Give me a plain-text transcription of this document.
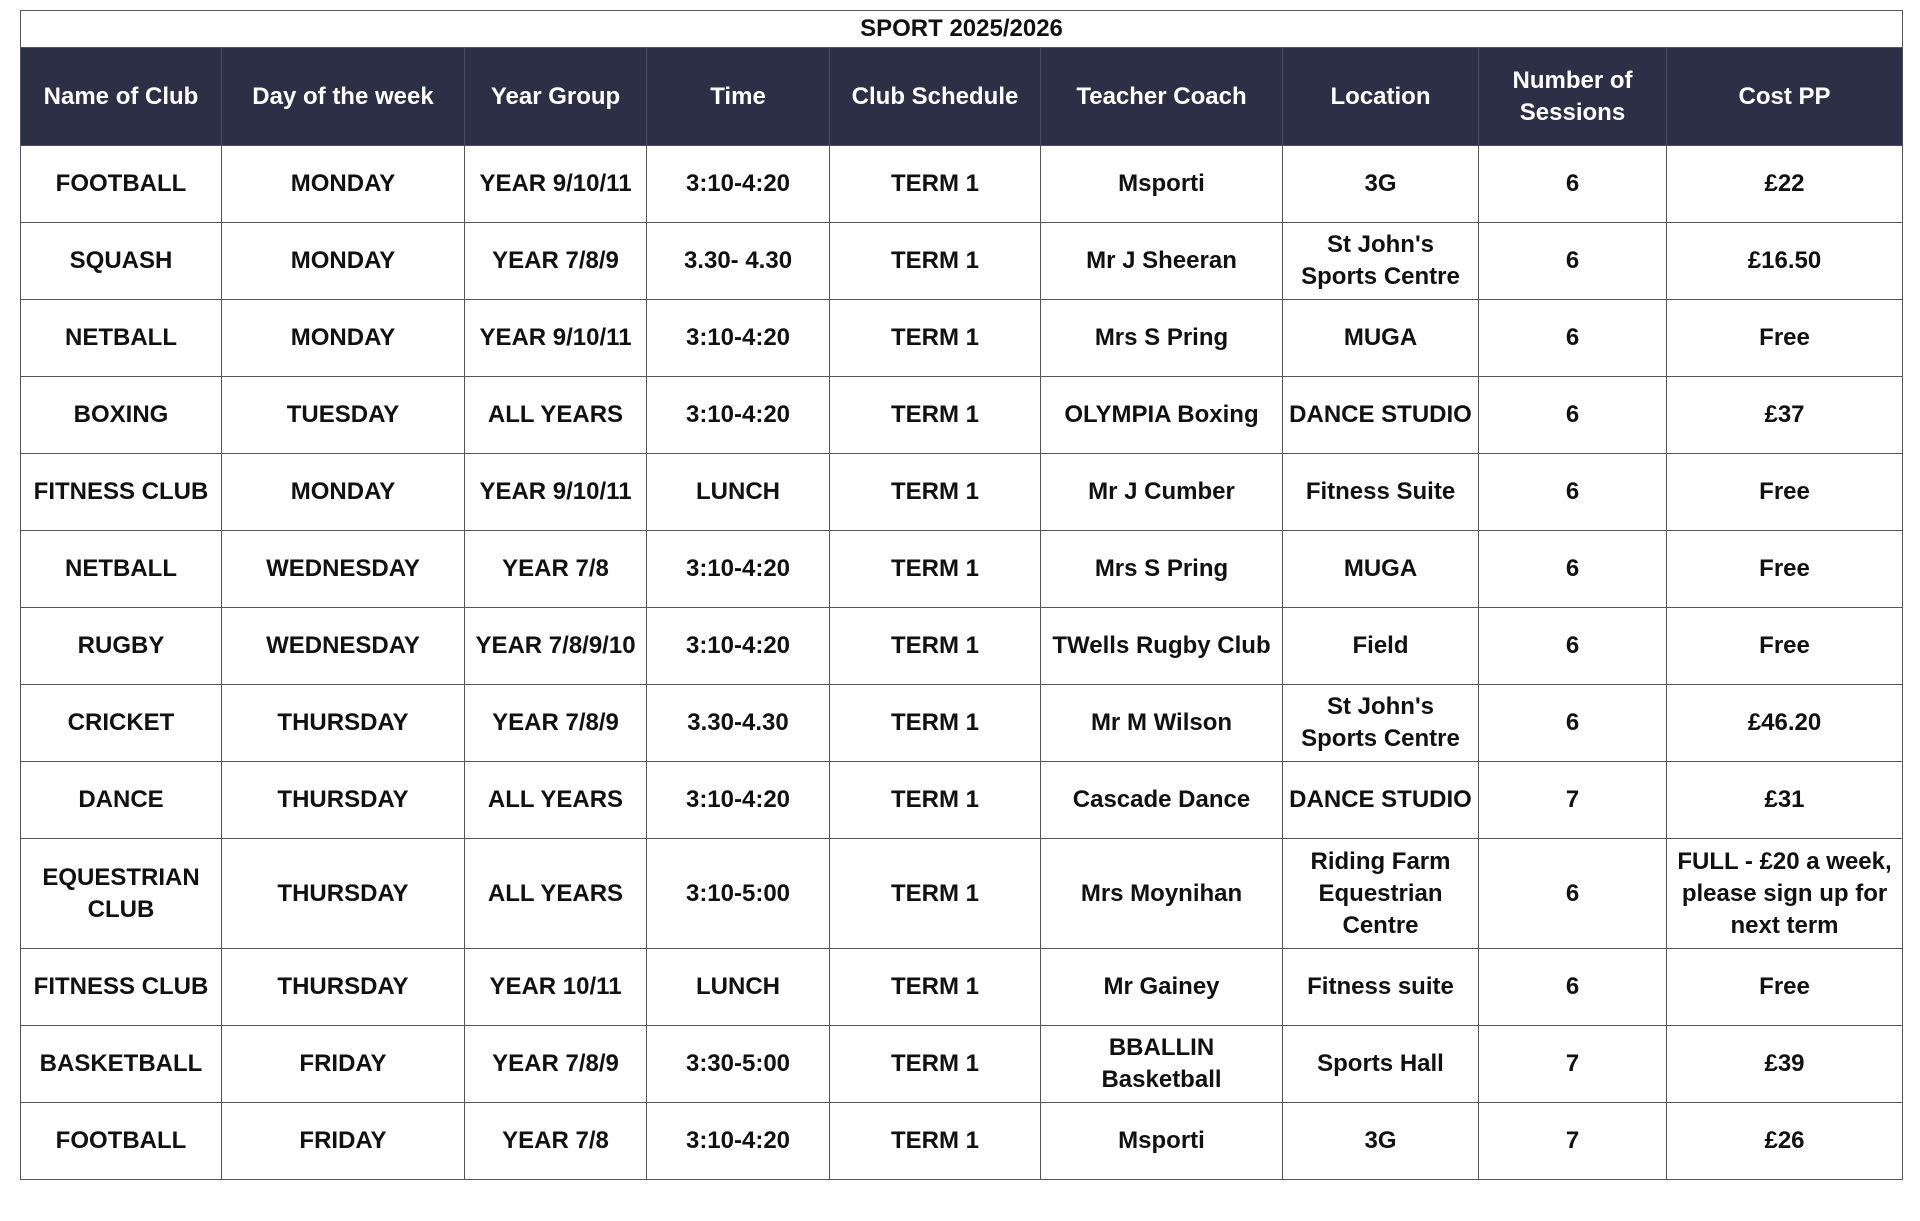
SPORT 2025/2026								
Name of Club	Day of the week	Year Group	Time	Club Schedule	Teacher Coach	Location	Number of Sessions	Cost PP
FOOTBALL	MONDAY	YEAR 9/10/11	3:10-4:20	TERM 1	Msporti	3G	6	£22
SQUASH	MONDAY	YEAR 7/8/9	3.30- 4.30	TERM 1	Mr J Sheeran	St John's Sports Centre	6	£16.50
NETBALL	MONDAY	YEAR 9/10/11	3:10-4:20	TERM 1	Mrs S Pring	MUGA	6	Free
BOXING	TUESDAY	ALL YEARS	3:10-4:20	TERM 1	OLYMPIA Boxing	DANCE STUDIO	6	£37
FITNESS CLUB	MONDAY	YEAR 9/10/11	LUNCH	TERM 1	Mr J Cumber	Fitness Suite	6	Free
NETBALL	WEDNESDAY	YEAR 7/8	3:10-4:20	TERM 1	Mrs S Pring	MUGA	6	Free
RUGBY	WEDNESDAY	YEAR 7/8/9/10	3:10-4:20	TERM 1	TWells Rugby Club	Field	6	Free
CRICKET	THURSDAY	YEAR 7/8/9	3.30-4.30	TERM 1	Mr M Wilson	St John's Sports Centre	6	£46.20
DANCE	THURSDAY	ALL YEARS	3:10-4:20	TERM 1	Cascade Dance	DANCE STUDIO	7	£31
EQUESTRIAN CLUB	THURSDAY	ALL YEARS	3:10-5:00	TERM 1	Mrs Moynihan	Riding Farm Equestrian Centre	6	FULL - £20 a week, please sign up for next term
FITNESS CLUB	THURSDAY	YEAR 10/11	LUNCH	TERM 1	Mr Gainey	Fitness suite	6	Free
BASKETBALL	FRIDAY	YEAR 7/8/9	3:30-5:00	TERM 1	BBALLIN Basketball	Sports Hall	7	£39
FOOTBALL	FRIDAY	YEAR 7/8	3:10-4:20	TERM 1	Msporti	3G	7	£26
